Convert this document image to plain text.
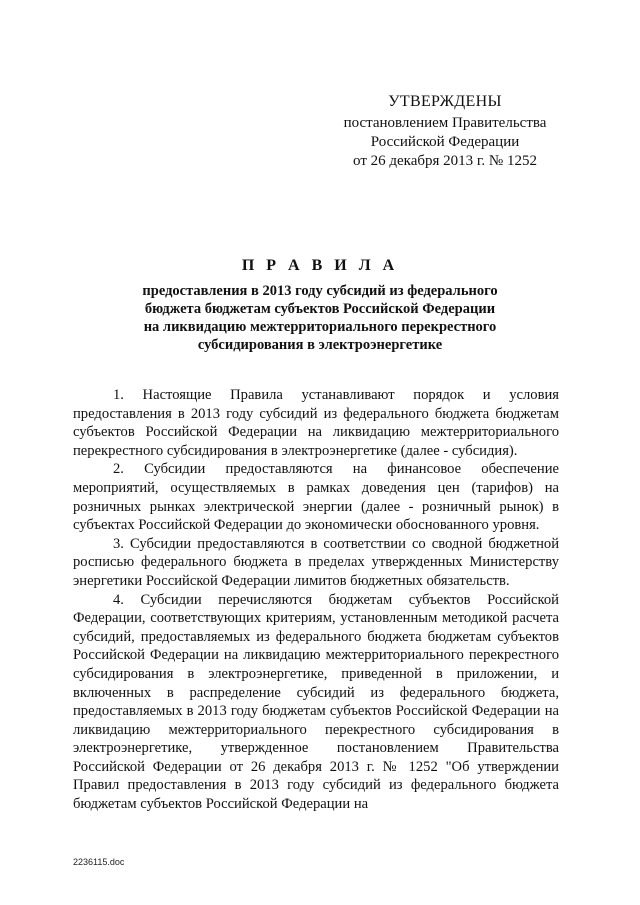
УТВЕРЖДЕНЫ
постановлением Правительства
Российской Федерации
от 26 декабря 2013 г. № 1252
П Р А В И Л А
предоставления в 2013 году субсидий из федерального
бюджета бюджетам субъектов Российской Федерации
на ликвидацию межтерриториального перекрестного
субсидирования в электроэнергетике

1. Настоящие Правила устанавливают порядок и условия предоставления в 2013 году субсидий из федерального бюджета бюджетам субъектов Российской Федерации на ликвидацию межтерриториального перекрестного субсидирования в электроэнергетике (далее - субсидия).

2. Субсидии предоставляются на финансовое обеспечение мероприятий, осуществляемых в рамках доведения цен (тарифов) на розничных рынках электрической энергии (далее - розничный рынок) в субъектах Российской Федерации до экономически обоснованного уровня.

3. Субсидии предоставляются в соответствии со сводной бюджетной росписью федерального бюджета в пределах утвержденных Министерству энергетики Российской Федерации лимитов бюджетных обязательств.

4. Субсидии перечисляются бюджетам субъектов Российской Федерации, соответствующих критериям, установленным методикой расчета субсидий, предоставляемых из федерального бюджета бюджетам субъектов Российской Федерации на ликвидацию межтерриториального перекрестного субсидирования в электроэнергетике, приведенной в приложении, и включенных в распределение субсидий из федерального бюджета, предоставляемых в 2013 году бюджетам субъектов Российской Федерации на ликвидацию межтерриториального перекрестного субсидирования в электроэнергетике, утвержденное постановлением Правительства Российской Федерации от 26 декабря 2013 г. № 1252 "Об утверждении Правил предоставления в 2013 году субсидий из федерального бюджета бюджетам субъектов Российской Федерации на

2236115.doc
